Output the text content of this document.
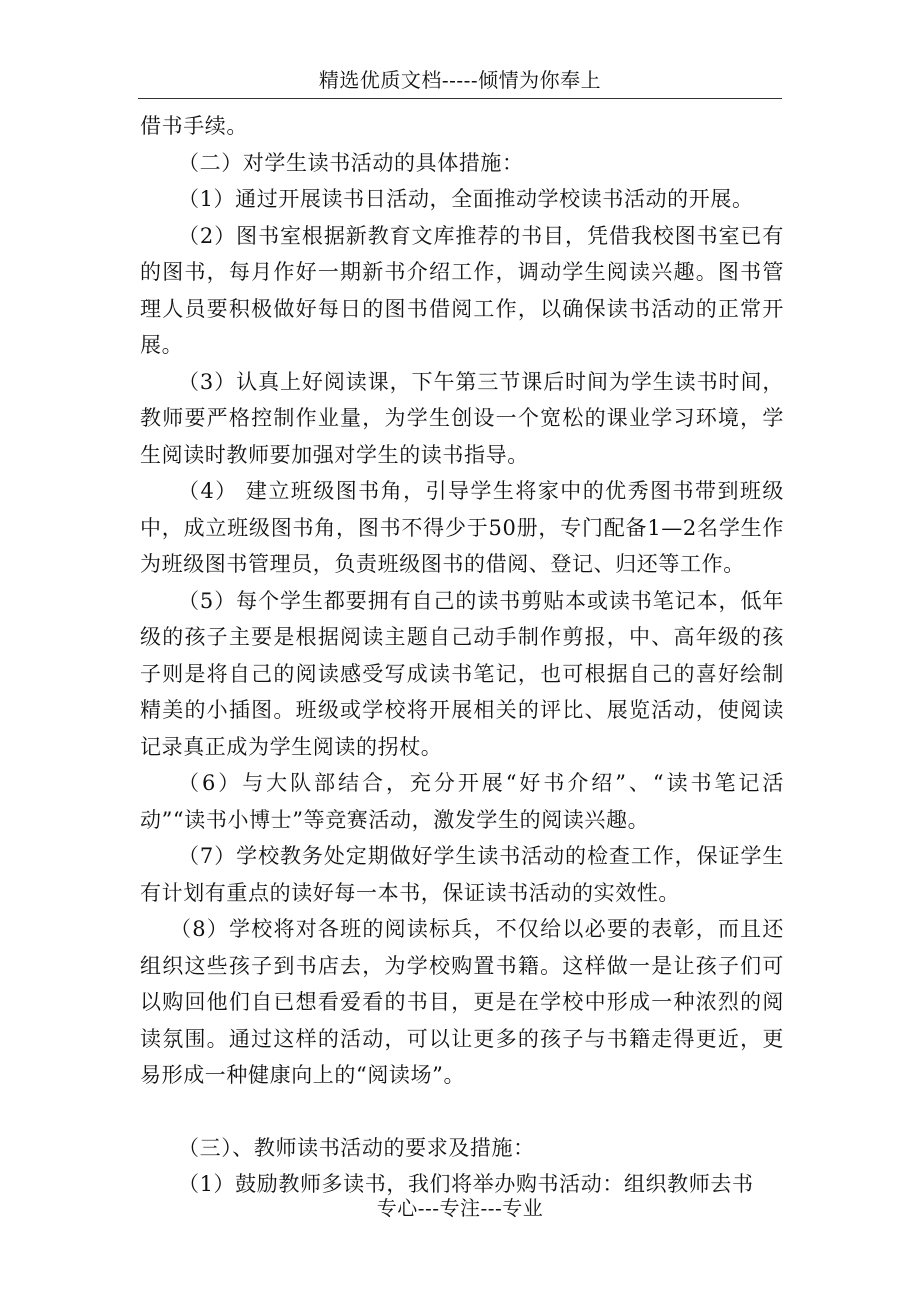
精选优质文档-----倾情为你奉上

借书手续。

（二）对学生读书活动的具体措施：

（1）通过开展读书日活动，全面推动学校读书活动的开展。

（2）图书室根据新教育文库推荐的书目，凭借我校图书室已有的图书，每月作好一期新书介绍工作，调动学生阅读兴趣。图书管理人员要积极做好每日的图书借阅工作，以确保读书活动的正常开展。

（3）认真上好阅读课，下午第三节课后时间为学生读书时间，教师要严格控制作业量，为学生创设一个宽松的课业学习环境，学生阅读时教师要加强对学生的读书指导。

（4） 建立班级图书角，引导学生将家中的优秀图书带到班级中，成立班级图书角，图书不得少于50册，专门配备1—2名学生作为班级图书管理员，负责班级图书的借阅、登记、归还等工作。

（5）每个学生都要拥有自己的读书剪贴本或读书笔记本，低年级的孩子主要是根据阅读主题自己动手制作剪报，中、高年级的孩子则是将自己的阅读感受写成读书笔记，也可根据自己的喜好绘制精美的小插图。班级或学校将开展相关的评比、展览活动，使阅读记录真正成为学生阅读的拐杖。

（6）与大队部结合，充分开展“好书介绍”、“读书笔记活动”“读书小博士”等竞赛活动，激发学生的阅读兴趣。

（7）学校教务处定期做好学生读书活动的检查工作，保证学生有计划有重点的读好每一本书，保证读书活动的实效性。

（8）学校将对各班的阅读标兵，不仅给以必要的表彰，而且还组织这些孩子到书店去，为学校购置书籍。这样做一是让孩子们可以购回他们自已想看爱看的书目，更是在学校中形成一种浓烈的阅读氛围。通过这样的活动，可以让更多的孩子与书籍走得更近，更易形成一种健康向上的“阅读场”。

（三）、教师读书活动的要求及措施：

（1）鼓励教师多读书，我们将举办购书活动：组织教师去书

专心---专注---专业
